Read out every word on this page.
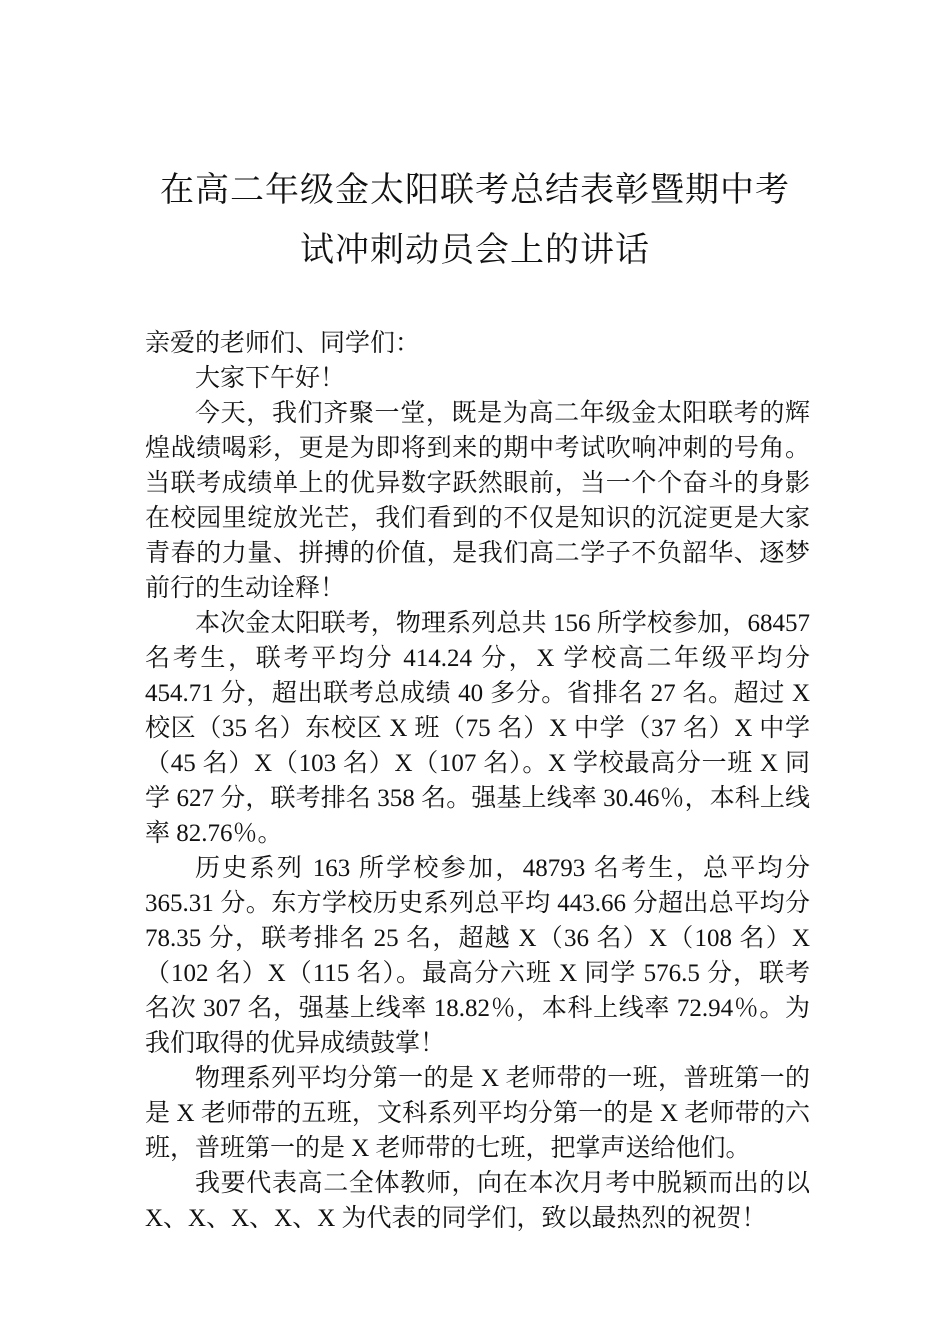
在高二年级金太阳联考总结表彰暨期中考
试冲刺动员会上的讲话

亲爱的老师们、同学们：

大家下午好！

今天，我们齐聚一堂，既是为高二年级金太阳联考的辉煌战绩喝彩，更是为即将到来的期中考试吹响冲刺的号角。当联考成绩单上的优异数字跃然眼前，当一个个奋斗的身影在校园里绽放光芒，我们看到的不仅是知识的沉淀更是大家青春的力量、拼搏的价值，是我们高二学子不负韶华、逐梦前行的生动诠释！

本次金太阳联考，物理系列总共 156 所学校参加，68457 名考生，联考平均分 414.24 分，X 学校高二年级平均分 454.71 分，超出联考总成绩 40 多分。省排名 27 名。超过 X 校区（35 名）东校区 X 班（75 名）X 中学（37 名）X 中学（45 名）X（103 名）X（107 名）。X 学校最高分一班 X 同学 627 分，联考排名 358 名。强基上线率 30.46％，本科上线率 82.76％。

历史系列 163 所学校参加，48793 名考生，总平均分 365.31 分。东方学校历史系列总平均 443.66 分超出总平均分 78.35 分，联考排名 25 名，超越 X（36 名）X（108 名）X（102 名）X（115 名）。最高分六班 X 同学 576.5 分，联考名次 307 名，强基上线率 18.82％，本科上线率 72.94％。为我们取得的优异成绩鼓掌！

物理系列平均分第一的是 X 老师带的一班，普班第一的是 X 老师带的五班，文科系列平均分第一的是 X 老师带的六班，普班第一的是 X 老师带的七班，把掌声送给他们。

我要代表高二全体教师，向在本次月考中脱颖而出的以 X、X、X、X、X 为代表的同学们，致以最热烈的祝贺！
